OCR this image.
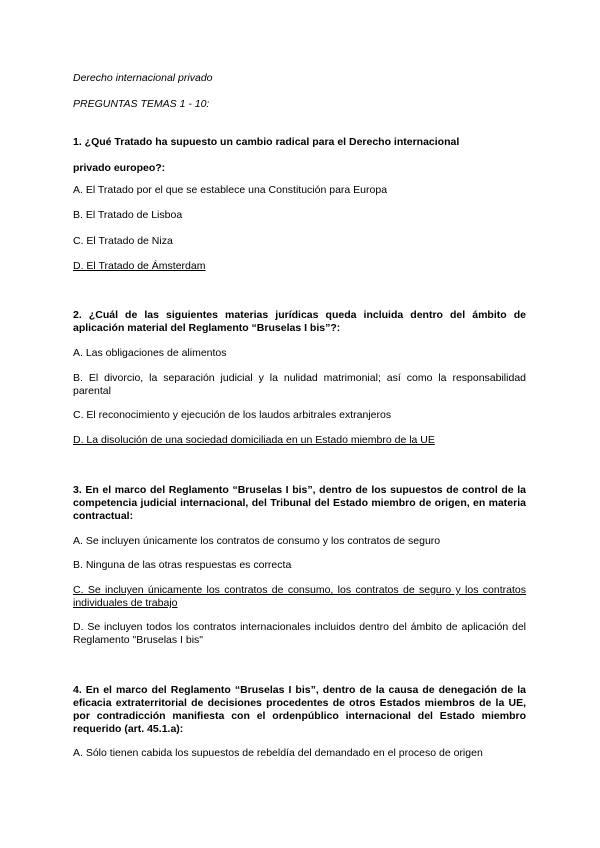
Derecho internacional privado
PREGUNTAS TEMAS 1 - 10:
1. ¿Qué Tratado ha supuesto un cambio radical para el Derecho internacional
privado europeo?:
A. El Tratado por el que se establece una Constitución para Europa
B. El Tratado de Lisboa
C. El Tratado de Niza
D. El Tratado de Ámsterdam
2. ¿Cuál de las siguientes materias jurídicas queda incluida dentro del ámbito de aplicación material del Reglamento “Bruselas I bis”?:
A. Las obligaciones de alimentos
B. El divorcio, la separación judicial y la nulidad matrimonial; así como la responsabilidad parental
C. El reconocimiento y ejecución de los laudos arbitrales extranjeros
D. La disolución de una sociedad domiciliada en un Estado miembro de la UE
3. En el marco del Reglamento “Bruselas I bis”, dentro de los supuestos de control de la competencia judicial internacional, del Tribunal del Estado miembro de origen, en materia contractual:
A. Se incluyen únicamente los contratos de consumo y los contratos de seguro
B. Ninguna de las otras respuestas es correcta
C. Se incluyen únicamente los contratos de consumo, los contratos de seguro y los contratos individuales de trabajo
D. Se incluyen todos los contratos internacionales incluidos dentro del ámbito de aplicación del Reglamento "Bruselas I bis"
4. En el marco del Reglamento “Bruselas I bis”, dentro de la causa de denegación de la eficacia extraterritorial de decisiones procedentes de otros Estados miembros de la UE, por contradicción manifiesta con el ordenpúblico internacional del Estado miembro requerido (art. 45.1.a):
A. Sólo tienen cabida los supuestos de rebeldía del demandado en el proceso de origen
